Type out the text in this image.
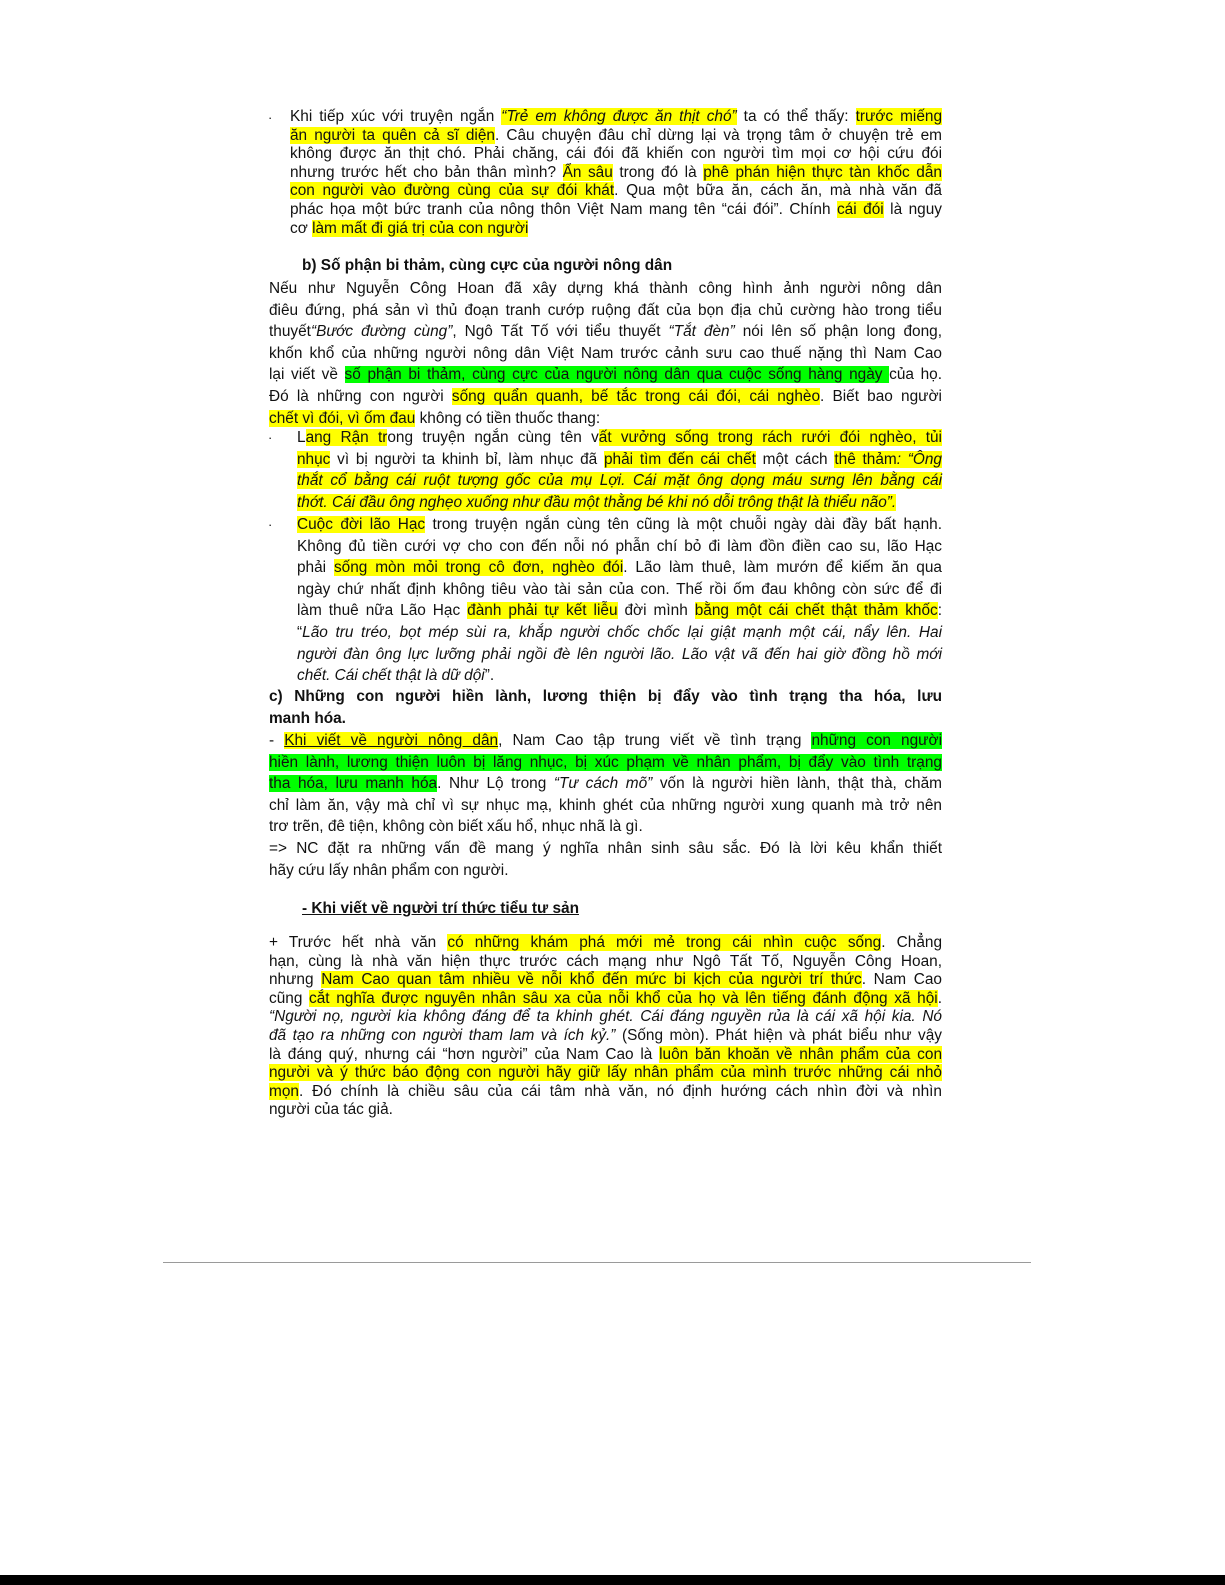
· Khi tiếp xúc với truyện ngắn “Trẻ em không được ăn thịt chó” ta có thể thấy: trước miếng
ăn người ta quên cả sĩ diện. Câu chuyện đâu chỉ dừng lại và trọng tâm ở chuyện trẻ em
không được ăn thịt chó. Phải chăng, cái đói đã khiến con người tìm mọi cơ hội cứu đói
nhưng trước hết cho bản thân mình? Ẩn sâu trong đó là phê phán hiện thực tàn khốc dẫn
con người vào đường cùng của sự đói khát. Qua một bữa ăn, cách ăn, mà nhà văn đã
phác họa một bức tranh của nông thôn Việt Nam mang tên “cái đói”. Chính cái đói là nguy
cơ làm mất đi giá trị của con người
b) Số phận bi thảm, cùng cực của người nông dân
Nếu như Nguyễn Công Hoan đã xây dựng khá thành công hình ảnh người nông dân
điêu đứng, phá sản vì thủ đoạn tranh cướp ruộng đất của bọn địa chủ cường hào trong tiểu
thuyết“Bước đường cùng”, Ngô Tất Tố với tiểu thuyết “Tắt đèn” nói lên số phận long đong,
khốn khổ của những người nông dân Việt Nam trước cảnh sưu cao thuế nặng thì Nam Cao
lại viết về số phận bi thảm, cùng cực của người nông dân qua cuộc sống hàng ngày của họ.
Đó là những con người sống quẩn quanh, bế tắc trong cái đói, cái nghèo. Biết bao người
chết vì đói, vì ốm đau không có tiền thuốc thang:
· Lang Rận trong truyện ngắn cùng tên vất vưởng sống trong rách rưới đói nghèo, tủi
nhục vì bị người ta khinh bỉ, làm nhục đã phải tìm đến cái chết một cách thê thảm: “Ông
thắt cổ bằng cái ruột tượng gốc của mụ Lợi. Cái mặt ông dọng máu sưng lên bằng cái
thớt. Cái đầu ông nghẹo xuống như đầu một thằng bé khi nó dỗi trông thật là thiểu não”.
· Cuộc đời lão Hạc trong truyện ngắn cùng tên cũng là một chuỗi ngày dài đầy bất hạnh.
Không đủ tiền cưới vợ cho con đến nỗi nó phẫn chí bỏ đi làm đồn điền cao su, lão Hạc
phải sống mòn mỏi trong cô đơn, nghèo đói. Lão làm thuê, làm mướn để kiếm ăn qua
ngày chứ nhất định không tiêu vào tài sản của con. Thế rồi ốm đau không còn sức để đi
làm thuê nữa Lão Hạc đành phải tự kết liễu đời mình bằng một cái chết thật thảm khốc:
“Lão tru tréo, bọt mép sùi ra, khắp người chốc chốc lại giật mạnh một cái, nẩy lên. Hai
người đàn ông lực lưỡng phải ngồi đè lên người lão. Lão vật vã đến hai giờ đồng hồ mới
chết. Cái chết thật là dữ dội”.
c) Những con người hiền lành, lương thiện bị đẩy vào tình trạng tha hóa, lưu
manh hóa.
- Khi viết về người nông dân, Nam Cao tập trung viết về tình trạng những con người
hiền lành, lương thiện luôn bị lăng nhục, bị xúc phạm về nhân phẩm, bị đẩy vào tình trạng
tha hóa, lưu manh hóa. Như Lộ trong “Tư cách mõ” vốn là người hiền lành, thật thà, chăm
chỉ làm ăn, vậy mà chỉ vì sự nhục mạ, khinh ghét của những người xung quanh mà trở nên
trơ trẽn, đê tiện, không còn biết xấu hổ, nhục nhã là gì.
=> NC đặt ra những vấn đề mang ý nghĩa nhân sinh sâu sắc. Đó là lời kêu khẩn thiết
hãy cứu lấy nhân phẩm con người.
- Khi viết về người trí thức tiểu tư sản
+ Trước hết nhà văn có những khám phá mới mẻ trong cái nhìn cuộc sống. Chẳng
hạn, cùng là nhà văn hiện thực trước cách mạng như Ngô Tất Tố, Nguyễn Công Hoan,
nhưng Nam Cao quan tâm nhiều về nỗi khổ đến mức bi kịch của người trí thức. Nam Cao
cũng cắt nghĩa được nguyên nhân sâu xa của nỗi khổ của họ và lên tiếng đánh động xã hội.
“Người nọ, người kia không đáng để ta khinh ghét. Cái đáng nguyền rủa là cái xã hội kia. Nó
đã tạo ra những con người tham lam và ích kỷ.” (Sống mòn). Phát hiện và phát biểu như vậy
là đáng quý, nhưng cái “hơn người” của Nam Cao là luôn băn khoăn về nhân phẩm của con
người và ý thức báo động con người hãy giữ lấy nhân phẩm của mình trước những cái nhỏ
mọn. Đó chính là chiều sâu của cái tâm nhà văn, nó định hướng cách nhìn đời và nhìn
người của tác giả.
